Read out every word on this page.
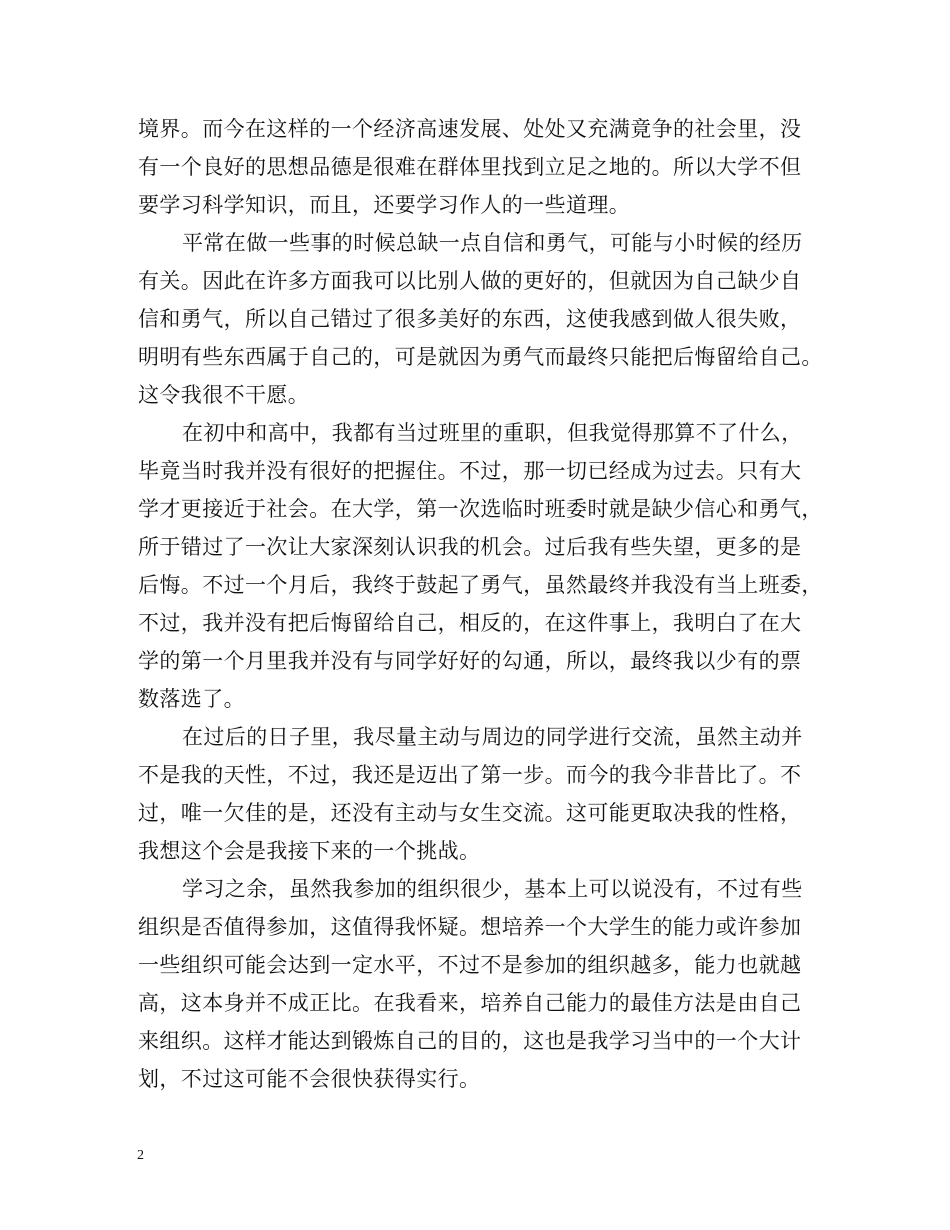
境界。而今在这样的一个经济高速发展、处处又充满竟争的社会里，没
有一个良好的思想品德是很难在群体里找到立足之地的。所以大学不但
要学习科学知识，而且，还要学习作人的一些道理。
平常在做一些事的时候总缺一点自信和勇气，可能与小时候的经历
有关。因此在许多方面我可以比别人做的更好的，但就因为自己缺少自
信和勇气，所以自己错过了很多美好的东西，这使我感到做人很失败，
明明有些东西属于自己的，可是就因为勇气而最终只能把后悔留给自己。
这令我很不干愿。
在初中和高中，我都有当过班里的重职，但我觉得那算不了什么，
毕竟当时我并没有很好的把握住。不过，那一切已经成为过去。只有大
学才更接近于社会。在大学，第一次选临时班委时就是缺少信心和勇气，
所于错过了一次让大家深刻认识我的机会。过后我有些失望，更多的是
后悔。不过一个月后，我终于鼓起了勇气，虽然最终并我没有当上班委，
不过，我并没有把后悔留给自己，相反的，在这件事上，我明白了在大
学的第一个月里我并没有与同学好好的勾通，所以，最终我以少有的票
数落选了。
在过后的日子里，我尽量主动与周边的同学进行交流，虽然主动并
不是我的天性，不过，我还是迈出了第一步。而今的我今非昔比了。不
过，唯一欠佳的是，还没有主动与女生交流。这可能更取决我的性格，
我想这个会是我接下来的一个挑战。
学习之余，虽然我参加的组织很少，基本上可以说没有，不过有些
组织是否值得参加，这值得我怀疑。想培养一个大学生的能力或许参加
一些组织可能会达到一定水平，不过不是参加的组织越多，能力也就越
高，这本身并不成正比。在我看来，培养自己能力的最佳方法是由自己
来组织。这样才能达到锻炼自己的目的，这也是我学习当中的一个大计
划，不过这可能不会很快获得实行。
2
